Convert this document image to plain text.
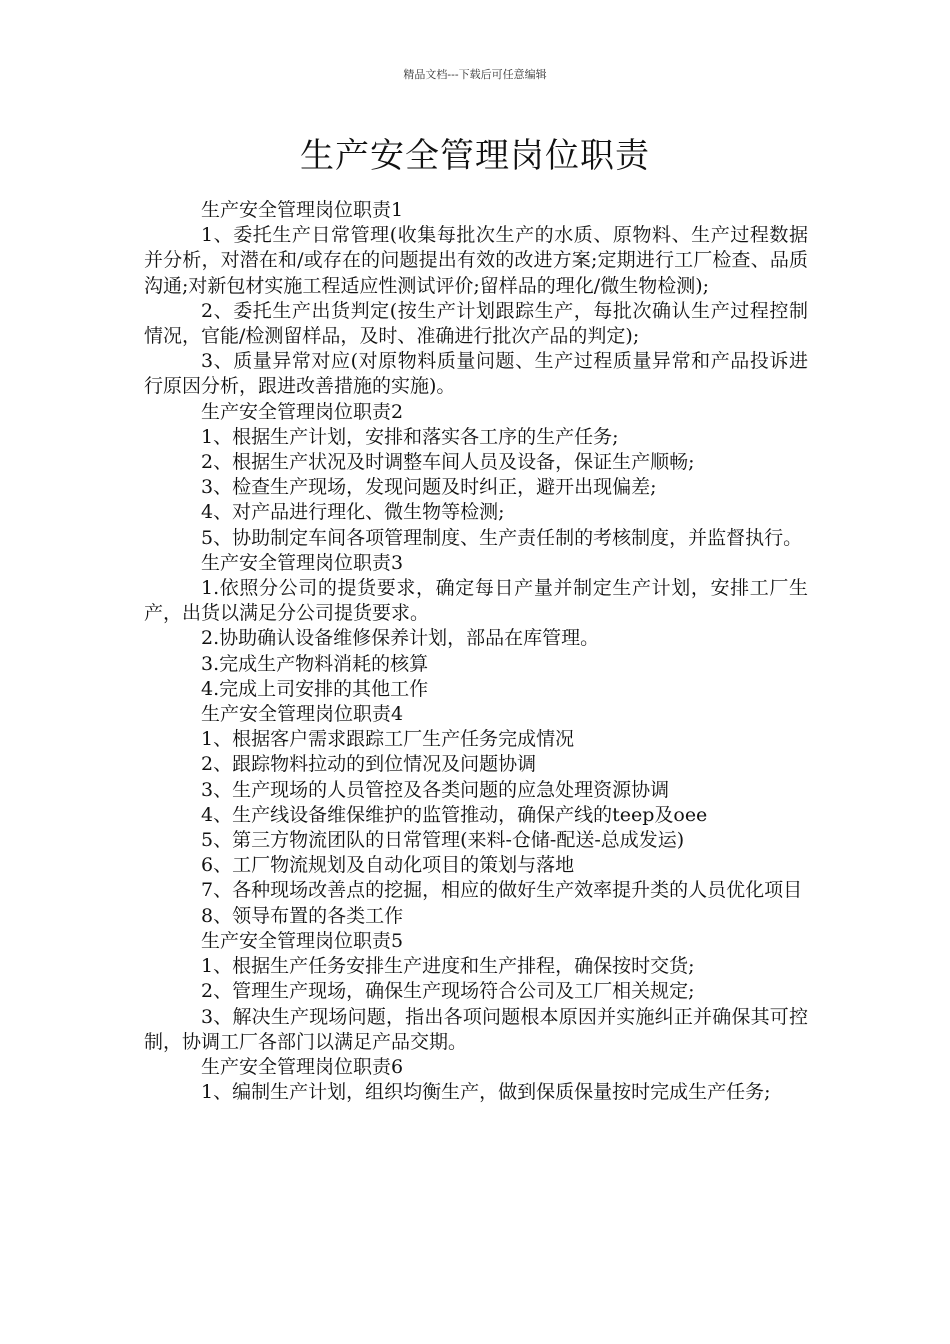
精品文档---下载后可任意编辑
生产安全管理岗位职责

生产安全管理岗位职责1

1、委托生产日常管理(收集每批次生产的水质、原物料、生产过程数据并分析，对潜在和/或存在的问题提出有效的改进方案;定期进行工厂检查、品质沟通;对新包材实施工程适应性测试评价;留样品的理化/微生物检测);

2、委托生产出货判定(按生产计划跟踪生产，每批次确认生产过程控制情况，官能/检测留样品，及时、准确进行批次产品的判定);

3、质量异常对应(对原物料质量问题、生产过程质量异常和产品投诉进行原因分析，跟进改善措施的实施)。

生产安全管理岗位职责2

1、根据生产计划，安排和落实各工序的生产任务;

2、根据生产状况及时调整车间人员及设备，保证生产顺畅;

3、检查生产现场，发现问题及时纠正，避开出现偏差;

4、对产品进行理化、微生物等检测;

5、协助制定车间各项管理制度、生产责任制的考核制度，并监督执行。

生产安全管理岗位职责3

1.依照分公司的提货要求，确定每日产量并制定生产计划，安排工厂生产，出货以满足分公司提货要求。

2.协助确认设备维修保养计划，部品在库管理。

3.完成生产物料消耗的核算

4.完成上司安排的其他工作

生产安全管理岗位职责4

1、根据客户需求跟踪工厂生产任务完成情况

2、跟踪物料拉动的到位情况及问题协调

3、生产现场的人员管控及各类问题的应急处理资源协调

4、生产线设备维保维护的监管推动，确保产线的teep及oee

5、第三方物流团队的日常管理(来料-仓储-配送-总成发运)

6、工厂物流规划及自动化项目的策划与落地

7、各种现场改善点的挖掘，相应的做好生产效率提升类的人员优化项目

8、领导布置的各类工作

生产安全管理岗位职责5

1、根据生产任务安排生产进度和生产排程，确保按时交货;

2、管理生产现场，确保生产现场符合公司及工厂相关规定;

3、解决生产现场问题，指出各项问题根本原因并实施纠正并确保其可控制，协调工厂各部门以满足产品交期。

生产安全管理岗位职责6

1、编制生产计划，组织均衡生产，做到保质保量按时完成生产任务;
